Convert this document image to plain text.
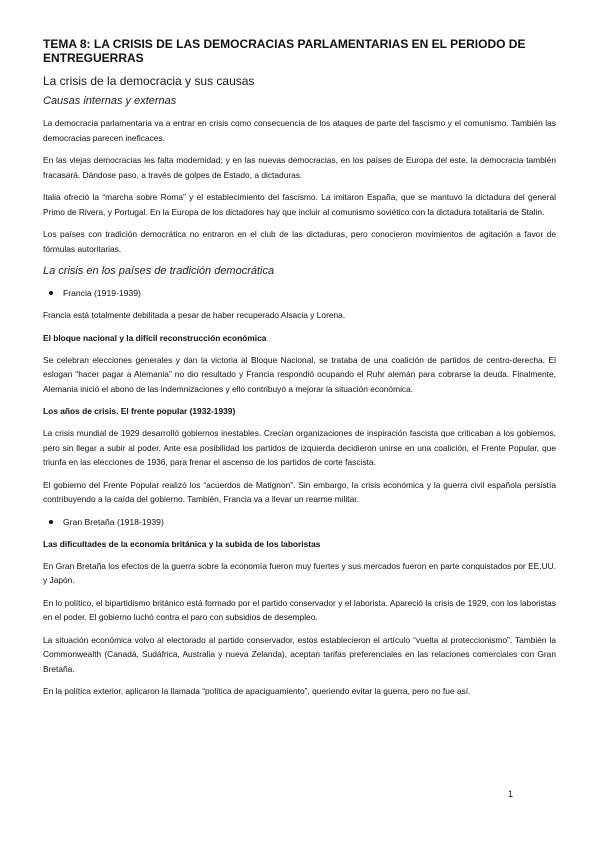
TEMA 8: LA CRISIS DE LAS DEMOCRACIAS PARLAMENTARIAS EN EL PERIODO DE ENTREGUERRAS
La crisis de la democracia y sus causas
Causas internas y externas

La democracia parlamentaria va a entrar en crisis como consecuencia de los ataques de parte del fascismo y el comunismo. También las democracias parecen ineficaces.

En las viejas democracias les falta modernidad; y en las nuevas democracias, en los países de Europa del este, la democracia también fracasará. Dándose paso, a través de golpes de Estado, a dictaduras.

Italia ofreció la “marcha sobre Roma” y el establecimiento del fascismo. La imitaron España, que se mantuvo la dictadura del general Primo de Rivera, y Portugal. En la Europa de los dictadores hay que incluir al comunismo soviético con la dictadura totalitaria de Stalin.

Los países con tradición democrática no entraron en el club de las dictaduras, pero conocieron movimientos de agitación a favor de fórmulas autoritarias.

La crisis en los países de tradición democrática
Francia (1919-1939)

Francia está totalmente debilitada a pesar de haber recuperado Alsacia y Lorena.

El bloque nacional y la difícil reconstrucción económica

Se celebran elecciones generales y dan la victoria al Bloque Nacional, se trataba de una coalición de partidos de centro-derecha. El eslogan “hacer pagar a Alemania” no dio resultado y Francia respondió ocupando el Ruhr alemán para cobrarse la deuda. Finalmente, Alemania inició el abono de las indemnizaciones y ello contribuyó a mejorar la situación económica.

Los años de crisis. El frente popular (1932-1939)

La crisis mundial de 1929 desarrolló gobiernos inestables. Crecían organizaciones de inspiración fascista que criticaban a los gobiernos, pero sin llegar a subir al poder. Ante esa posibilidad los partidos de izquierda decidieron unirse en una coalición, el Frente Popular, que triunfa en las elecciones de 1936, para frenar el ascenso de los partidos de corte fascista.

El gobierno del Frente Popular realizó los “acuerdos de Matignon”. Sin embargo, la crisis económica y la guerra civil española persistía contribuyendo a la caída del gobierno. También, Francia va a llevar un rearme militar.

Gran Bretaña (1918-1939)
Las dificultades de la economía británica y la subida de los laboristas

En Gran Bretaña los efectos de la guerra sobre la economía fueron muy fuertes y sus mercados fueron en parte conquistados por EE.UU. y Japón.

En lo político, el bipartidismo británico está formado por el partido conservador y el laborista. Apareció la crisis de 1929, con los laboristas en el poder. El gobierno luchó contra el paro con subsidios de desempleo.

La situación económica volvo al electorado al partido conservador, estos establecieron el artículo “vuelta al proteccionismo”. También la Commonwealth (Canadá, Sudáfrica, Australia y nueva Zelanda), aceptan tarifas preferenciales en las relaciones comerciales con Gran Bretaña.

En la política exterior, aplicaron la llamada “política de apaciguamiento”, queriendo evitar la guerra, pero no fue así.

1
